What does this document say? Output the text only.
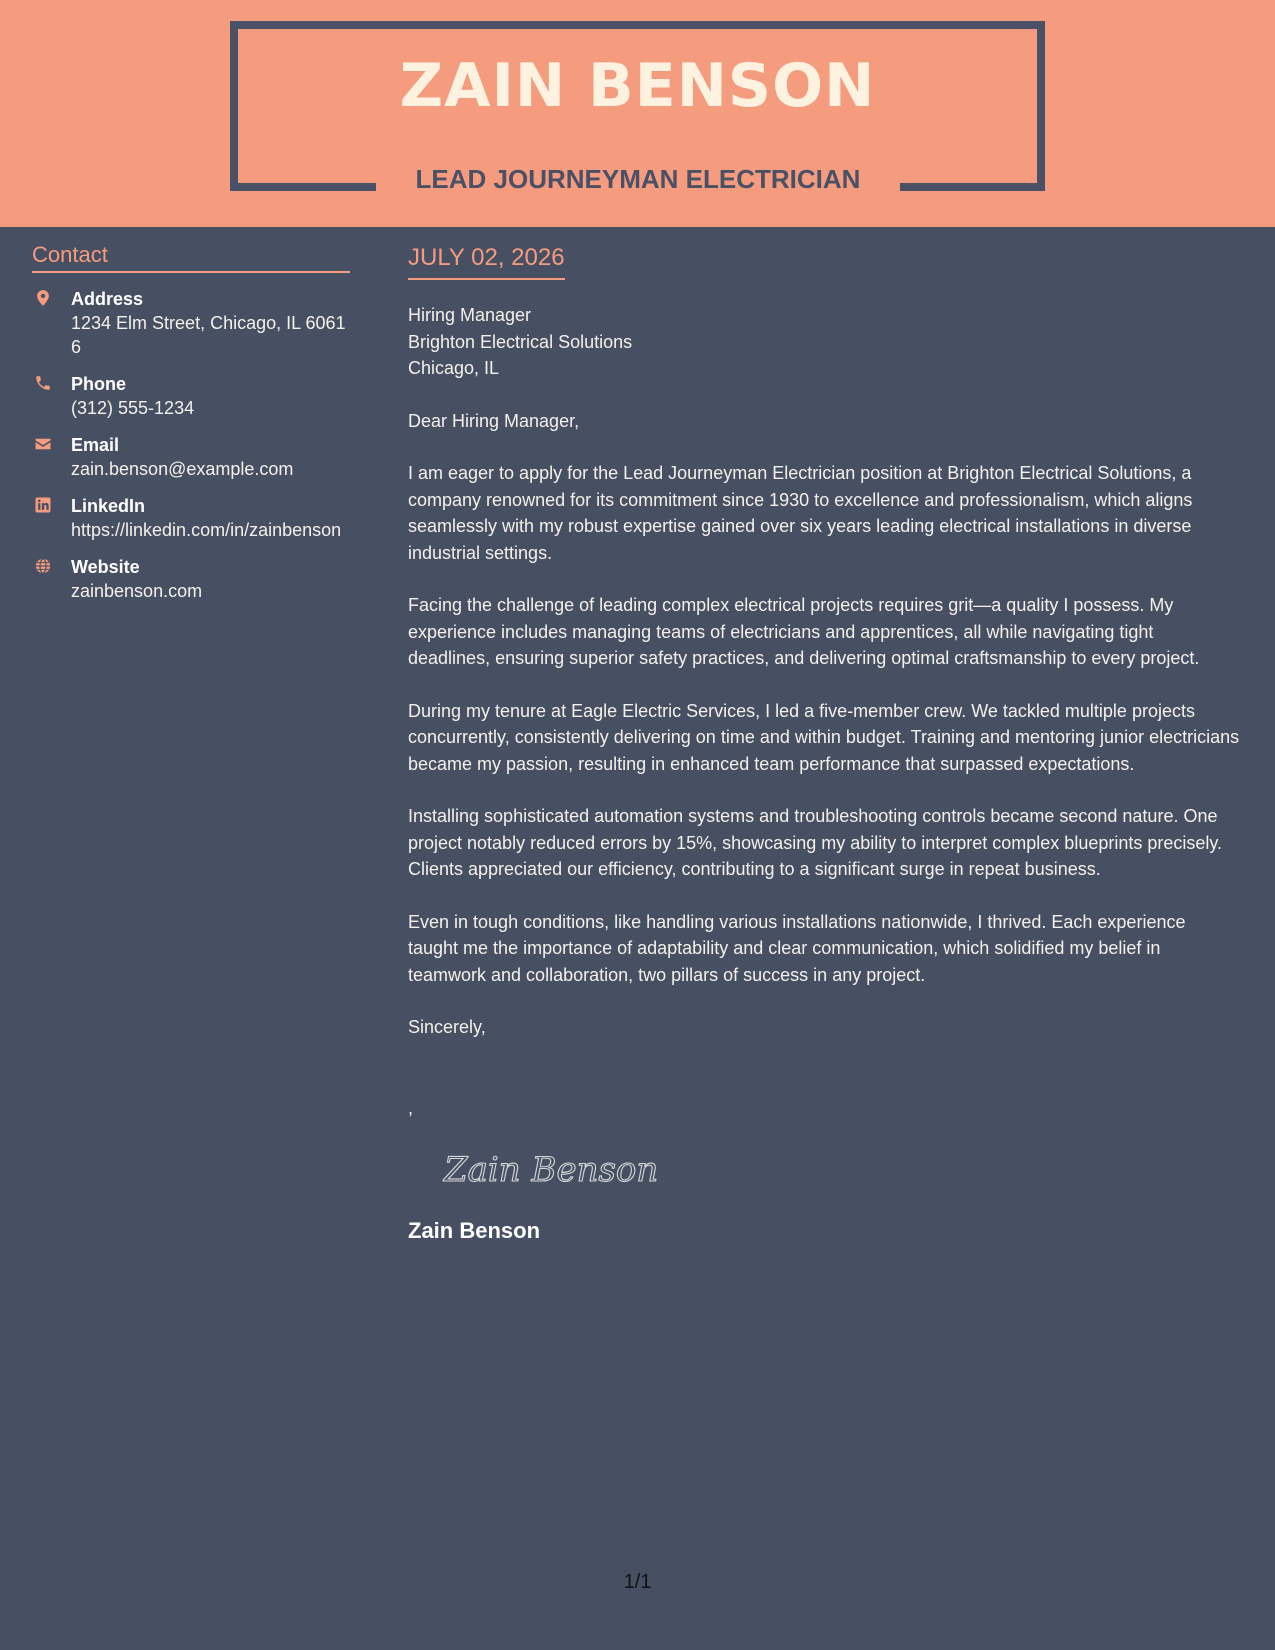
ZAIN BENSON
LEAD JOURNEYMAN ELECTRICIAN
Contact
Address
1234 Elm Street, Chicago, IL 60616
Phone
(312) 555-1234
Email
zain.benson@example.com
LinkedIn
https://linkedin.com/in/zainbenson
Website
zainbenson.com
JULY 02, 2026
Hiring Manager
Brighton Electrical Solutions
Chicago, IL
Dear Hiring Manager,
I am eager to apply for the Lead Journeyman Electrician position at Brighton Electrical Solutions, a company renowned for its commitment since 1930 to excellence and professionalism, which aligns seamlessly with my robust expertise gained over six years leading electrical installations in diverse industrial settings.
Facing the challenge of leading complex electrical projects requires grit—a quality I possess. My experience includes managing teams of electricians and apprentices, all while navigating tight deadlines, ensuring superior safety practices, and delivering optimal craftsmanship to every project.
During my tenure at Eagle Electric Services, I led a five-member crew. We tackled multiple projects concurrently, consistently delivering on time and within budget. Training and mentoring junior electricians became my passion, resulting in enhanced team performance that surpassed expectations.
Installing sophisticated automation systems and troubleshooting controls became second nature. One project notably reduced errors by 15%, showcasing my ability to interpret complex blueprints precisely. Clients appreciated our efficiency, contributing to a significant surge in repeat business.
Even in tough conditions, like handling various installations nationwide, I thrived. Each experience taught me the importance of adaptability and clear communication, which solidified my belief in teamwork and collaboration, two pillars of success in any project.
Sincerely,
,
Zain Benson
Zain Benson
1/1
